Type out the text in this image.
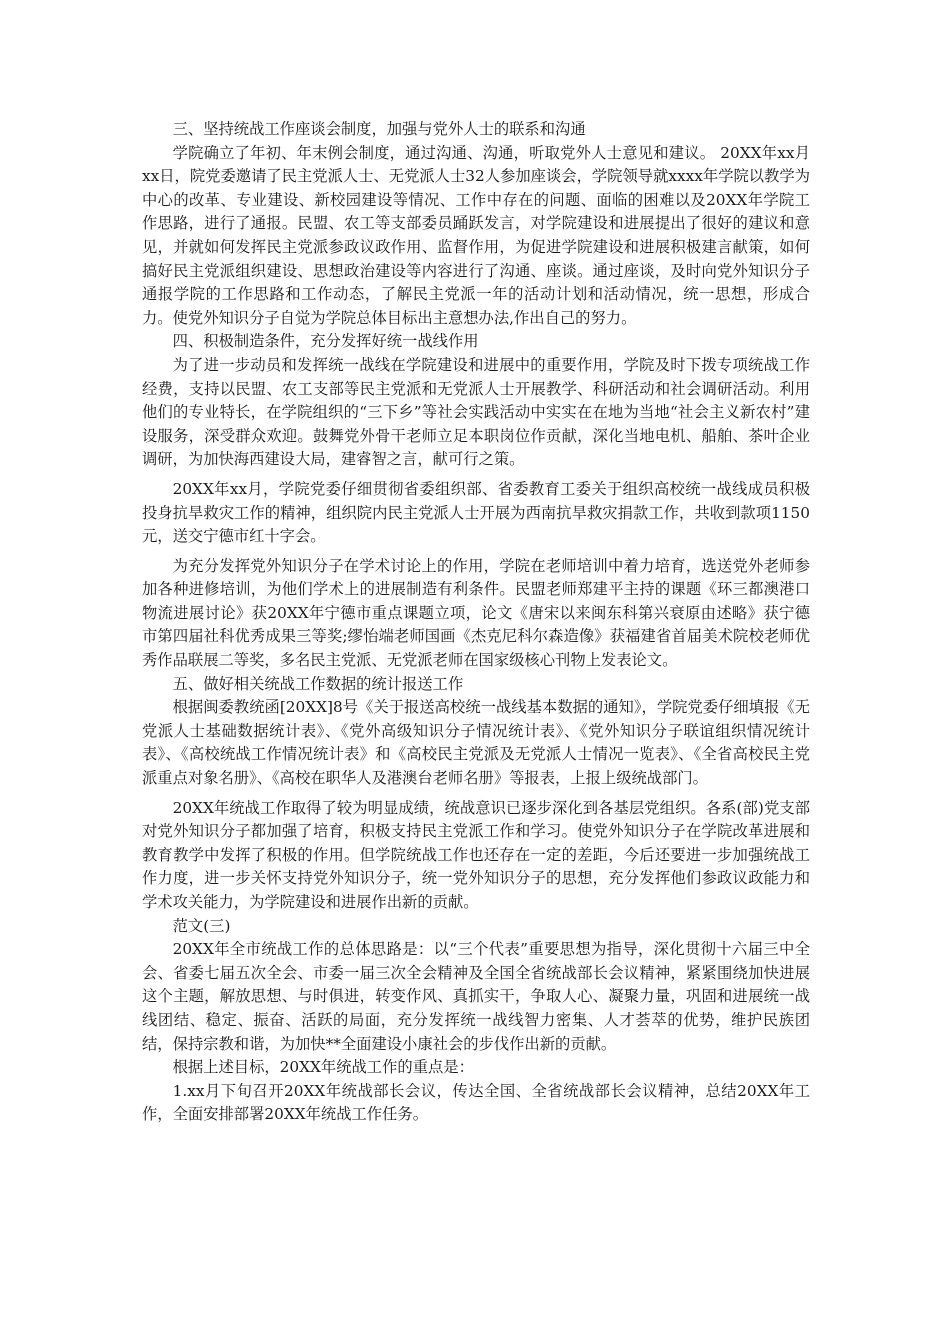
三、坚持统战工作座谈会制度，加强与党外人士的联系和沟通

学院确立了年初、年末例会制度，通过沟通、沟通，听取党外人士意见和建议。 20XX年xx月xx日，院党委邀请了民主党派人士、无党派人士32人参加座谈会，学院领导就xxxx年学院以教学为中心的改革、专业建设、新校园建设等情况、工作中存在的问题、面临的困难以及20XX年学院工作思路，进行了通报。民盟、农工等支部委员踊跃发言，对学院建设和进展提出了很好的建议和意见，并就如何发挥民主党派参政议政作用、监督作用，为促进学院建设和进展积极建言献策，如何搞好民主党派组织建设、思想政治建设等内容进行了沟通、座谈。通过座谈，及时向党外知识分子通报学院的工作思路和工作动态，了解民主党派一年的活动计划和活动情况，统一思想，形成合力。使党外知识分子自觉为学院总体目标出主意想办法,作出自己的努力。

四、积极制造条件，充分发挥好统一战线作用

为了进一步动员和发挥统一战线在学院建设和进展中的重要作用，学院及时下拨专项统战工作经费，支持以民盟、农工支部等民主党派和无党派人士开展教学、科研活动和社会调研活动。利用他们的专业特长，在学院组织的“三下乡”等社会实践活动中实实在在地为当地“社会主义新农村”建设服务，深受群众欢迎。鼓舞党外骨干老师立足本职岗位作贡献，深化当地电机、船舶、茶叶企业调研，为加快海西建设大局，建睿智之言，献可行之策。

20XX年xx月，学院党委仔细贯彻省委组织部、省委教育工委关于组织高校统一战线成员积极投身抗旱救灾工作的精神，组织院内民主党派人士开展为西南抗旱救灾捐款工作，共收到款项1150元，送交宁德市红十字会。

为充分发挥党外知识分子在学术讨论上的作用，学院在老师培训中着力培育，选送党外老师参加各种进修培训，为他们学术上的进展制造有利条件。民盟老师郑建平主持的课题《环三都澳港口物流进展讨论》获20XX年宁德市重点课题立项，论文《唐宋以来闽东科第兴衰原由述略》获宁德市第四届社科优秀成果三等奖;缪怡端老师国画《杰克尼科尔森造像》获福建省首届美术院校老师优秀作品联展二等奖，多名民主党派、无党派老师在国家级核心刊物上发表论文。

五、做好相关统战工作数据的统计报送工作

根据闽委教统函[20XX]8号《关于报送高校统一战线基本数据的通知》，学院党委仔细填报《无党派人士基础数据统计表》、《党外高级知识分子情况统计表》、《党外知识分子联谊组织情况统计表》、《高校统战工作情况统计表》和《高校民主党派及无党派人士情况一览表》、《全省高校民主党派重点对象名册》、《高校在职华人及港澳台老师名册》等报表，上报上级统战部门。

20XX年统战工作取得了较为明显成绩，统战意识已逐步深化到各基层党组织。各系(部)党支部对党外知识分子都加强了培育，积极支持民主党派工作和学习。使党外知识分子在学院改革进展和教育教学中发挥了积极的作用。但学院统战工作也还存在一定的差距，今后还要进一步加强统战工作力度，进一步关怀支持党外知识分子，统一党外知识分子的思想，充分发挥他们参政议政能力和学术攻关能力，为学院建设和进展作出新的贡献。

范文(三)

20XX年全市统战工作的总体思路是：以“三个代表”重要思想为指导，深化贯彻十六届三中全会、省委七届五次全会、市委一届三次全会精神及全国全省统战部长会议精神，紧紧围绕加快进展这个主题，解放思想、与时俱进，转变作风、真抓实干，争取人心、凝聚力量，巩固和进展统一战线团结、稳定、振奋、活跃的局面，充分发挥统一战线智力密集、人才荟萃的优势，维护民族团结，保持宗教和谐，为加快**全面建设小康社会的步伐作出新的贡献。

根据上述目标，20XX年统战工作的重点是：

1.xx月下旬召开20XX年统战部长会议，传达全国、全省统战部长会议精神，总结20XX年工作，全面安排部署20XX年统战工作任务。
